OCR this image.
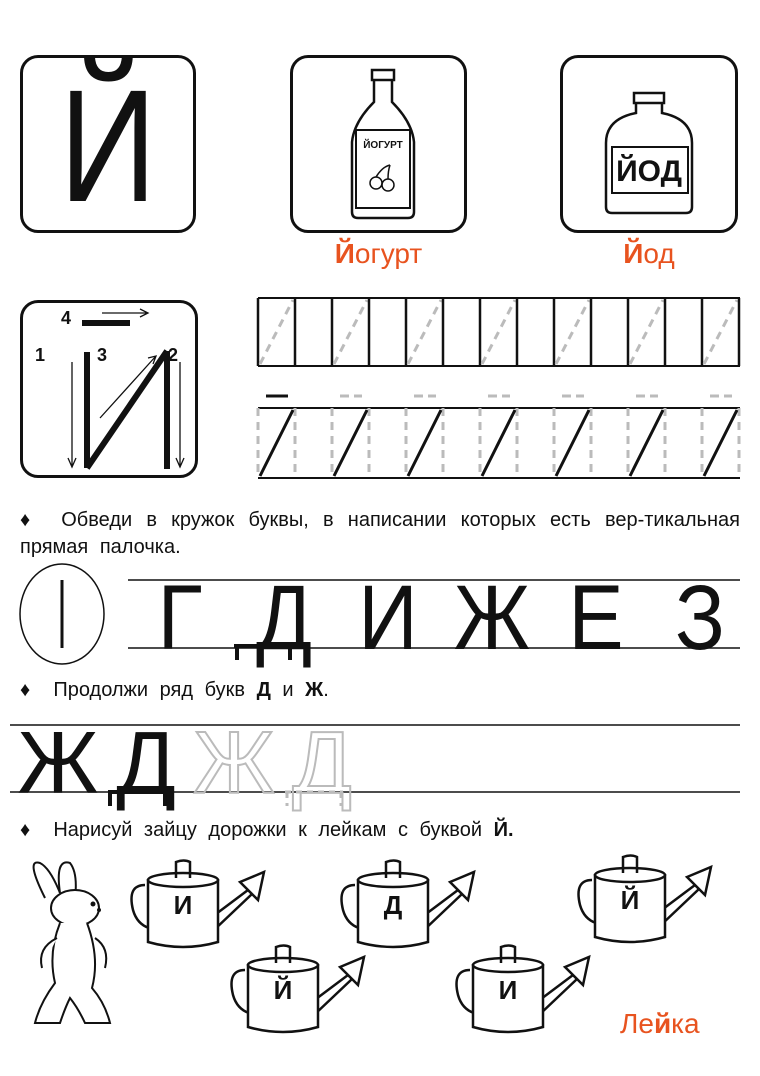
Й	ЙОГУРТ
Йогурт
ЙОД
Йод
4
1	3	2
♦ Обведи в кружок буквы, в написании которых есть вер-тикальная прямая палочка.
Г Д И Ж Е З
♦ Продолжи ряд букв Д и Ж.
Ж Д Ж Д
♦ Нарисуй зайцу дорожки к лейкам с буквой Й.
И	Д	Й
Й	И
Лейка
